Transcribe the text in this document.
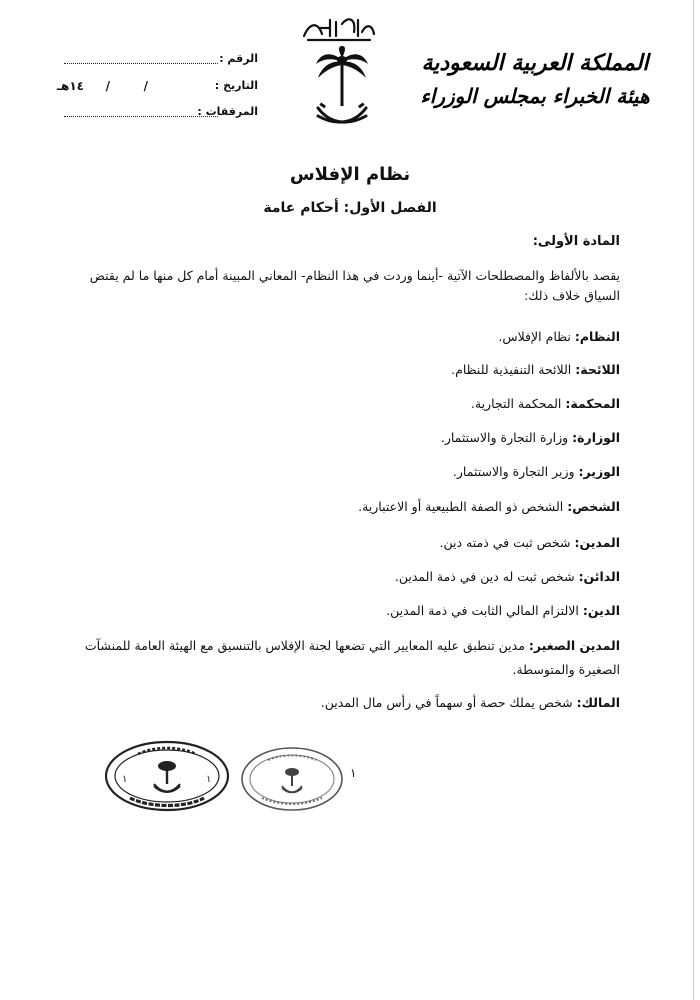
المملكة العربية السعودية
هيئة الخبراء بمجلس الوزراء
الرقم :
التاريخ :
/
/
١٤هـ
المرفقات :
نظام الإفلاس
الفصل الأول: أحكام عامة
المادة الأولى:
يقصد بالألفاظ والمصطلحات الآتية -أينما وردت في هذا النظام- المعاني المبينة أمام كل منها ما لم يقتض السياق خلاف ذلك:
النظام: نظام الإفلاس.
اللائحة: اللائحة التنفيذية للنظام.
المحكمة: المحكمة التجارية.
الوزارة: وزارة التجارة والاستثمار.
الوزير: وزير التجارة والاستثمار.
الشخص: الشخص ذو الصفة الطبيعية أو الاعتبارية.
المدين: شخص ثبت في ذمته دين.
الدائن: شخص ثبت له دين في ذمة المدين.
الدين: الالتزام المالي الثابت في ذمة المدين.
المدين الصغير: مدين تنطبق عليه المعايير التي تضعها لجنة الإفلاس بالتنسيق مع الهيئة العامة للمنشآت الصغيرة والمتوسطة.
المالك: شخص يملك حصة أو سهماً في رأس مال المدين.
١	١	١
